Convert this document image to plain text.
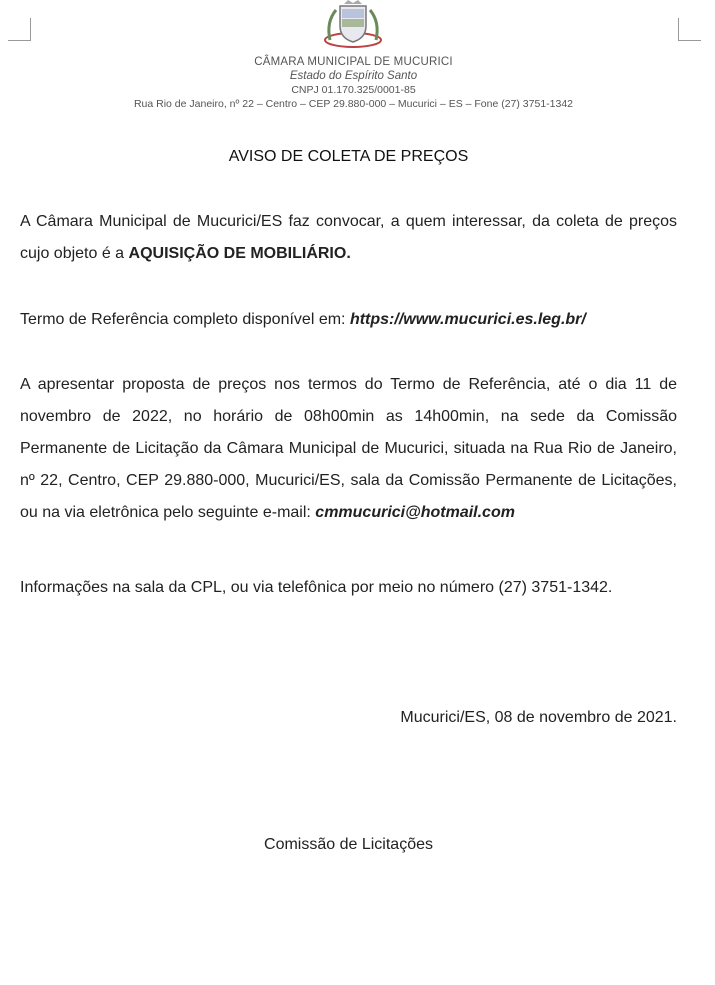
CÂMARA MUNICIPAL DE MUCURICI
Estado do Espírito Santo
CNPJ 01.170.325/0001-85
Rua Rio de Janeiro, nº 22 – Centro – CEP 29.880-000 – Mucurici – ES – Fone (27) 3751-1342
AVISO DE COLETA DE PREÇOS
A Câmara Municipal de Mucurici/ES faz convocar, a quem interessar, da coleta de preços cujo objeto é a AQUISIÇÃO DE MOBILIÁRIO.
Termo de Referência completo disponível em: https://www.mucurici.es.leg.br/
A apresentar proposta de preços nos termos do Termo de Referência, até o dia 11 de novembro de 2022, no horário de 08h00min as 14h00min, na sede da Comissão Permanente de Licitação da Câmara Municipal de Mucurici, situada na Rua Rio de Janeiro, nº 22, Centro, CEP 29.880-000, Mucurici/ES, sala da Comissão Permanente de Licitações, ou na via eletrônica pelo seguinte e-mail: cmmucurici@hotmail.com
Informações na sala da CPL, ou via telefônica por meio no número (27) 3751-1342.
Mucurici/ES, 08 de novembro de 2021.
Comissão de Licitações
